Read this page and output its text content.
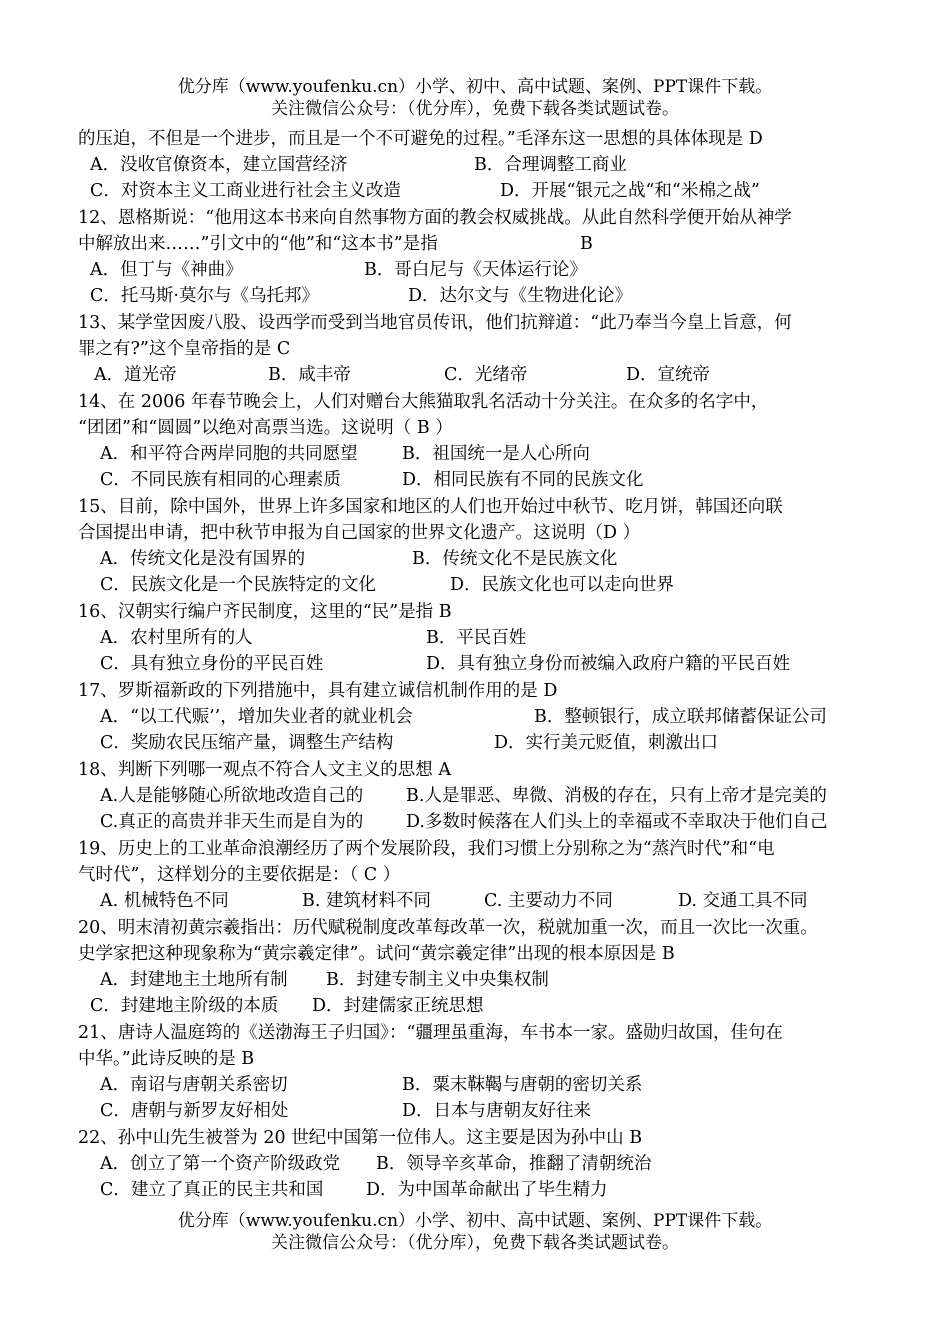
优分库（www.youfenku.cn）小学、初中、高中试题、案例、PPT课件下载。
关注微信公众号：（优分库），免费下载各类试题试卷。
的压迫，不但是一个进步，而且是一个不可避免的过程。”毛泽东这一思想的具体体现是 D
A．没收官僚资本，建立国营经济	B．合理调整工商业
C．对资本主义工商业进行社会主义改造	D．开展“银元之战“和“米棉之战”
12、恩格斯说：“他用这本书来向自然事物方面的教会权威挑战。从此自然科学便开始从神学
中解放出来……”引文中的“他”和“这本书”是指	B
A．但丁与《神曲》	B．哥白尼与《天体运行论》
C．托马斯·莫尔与《乌托邦》	D．达尔文与《生物进化论》
13、某学堂因废八股、设西学而受到当地官员传讯，他们抗辩道：“此乃奉当今皇上旨意，何
罪之有?”这个皇帝指的是 C
A．道光帝	B．咸丰帝	C．光绪帝	D．宣统帝
14、在 2006 年春节晚会上，人们对赠台大熊猫取乳名活动十分关注。在众多的名字中，
“团团”和“圆圆”以绝对高票当选。这说明（ B ）
A．和平符合两岸同胞的共同愿望	B．祖国统一是人心所向
C．不同民族有相同的心理素质	D．相同民族有不同的民族文化
15、目前，除中国外，世界上许多国家和地区的人们也开始过中秋节、吃月饼，韩国还向联
合国提出申请，把中秋节申报为自己国家的世界文化遗产。这说明（D ）
A．传统文化是没有国界的	B．传统文化不是民族文化
C．民族文化是一个民族特定的文化	D．民族文化也可以走向世界
16、汉朝实行编户齐民制度，这里的“民”是指 B
A．农村里所有的人	B．平民百姓
C．具有独立身份的平民百姓	D．具有独立身份而被编入政府户籍的平民百姓
17、罗斯福新政的下列措施中，具有建立诚信机制作用的是 D
A．“以工代赈’’，增加失业者的就业机会	B．整顿银行，成立联邦储蓄保证公司
C．奖励农民压缩产量，调整生产结构	D．实行美元贬值，刺激出口
18、判断下列哪一观点不符合人文主义的思想 A
A.人是能够随心所欲地改造自己的 B.人是罪恶、卑微、消极的存在，只有上帝才是完美的
C.真正的高贵并非天生而是自为的 D.多数时候落在人们头上的幸福或不幸取决于他们自己
19、历史上的工业革命浪潮经历了两个发展阶段，我们习惯上分别称之为“蒸汽时代”和“电
气时代”，这样划分的主要依据是：（ C ）
A. 机械特色不同	B. 建筑材料不同	C. 主要动力不同	D. 交通工具不同
20、明末清初黄宗羲指出：历代赋税制度改革每改革一次，税就加重一次，而且一次比一次重。
史学家把这种现象称为“黄宗羲定律”。试问“黄宗羲定律”出现的根本原因是 B
A．封建地主土地所有制 B．封建专制主义中央集权制
C．封建地主阶级的本质 D．封建儒家正统思想
21、唐诗人温庭筠的《送渤海王子归国》：“疆理虽重海，车书本一家。盛勋归故国，佳句在
中华。”此诗反映的是 B
A．南诏与唐朝关系密切	B．粟末靺鞨与唐朝的密切关系
C．唐朝与新罗友好相处	D．日本与唐朝友好往来
22、孙中山先生被誉为 20 世纪中国第一位伟人。这主要是因为孙中山 B
A．创立了第一个资产阶级政党 B．领导辛亥革命，推翻了清朝统治
C．建立了真正的民主共和国 D．为中国革命献出了毕生精力
优分库（www.youfenku.cn）小学、初中、高中试题、案例、PPT课件下载。
关注微信公众号：（优分库），免费下载各类试题试卷。
